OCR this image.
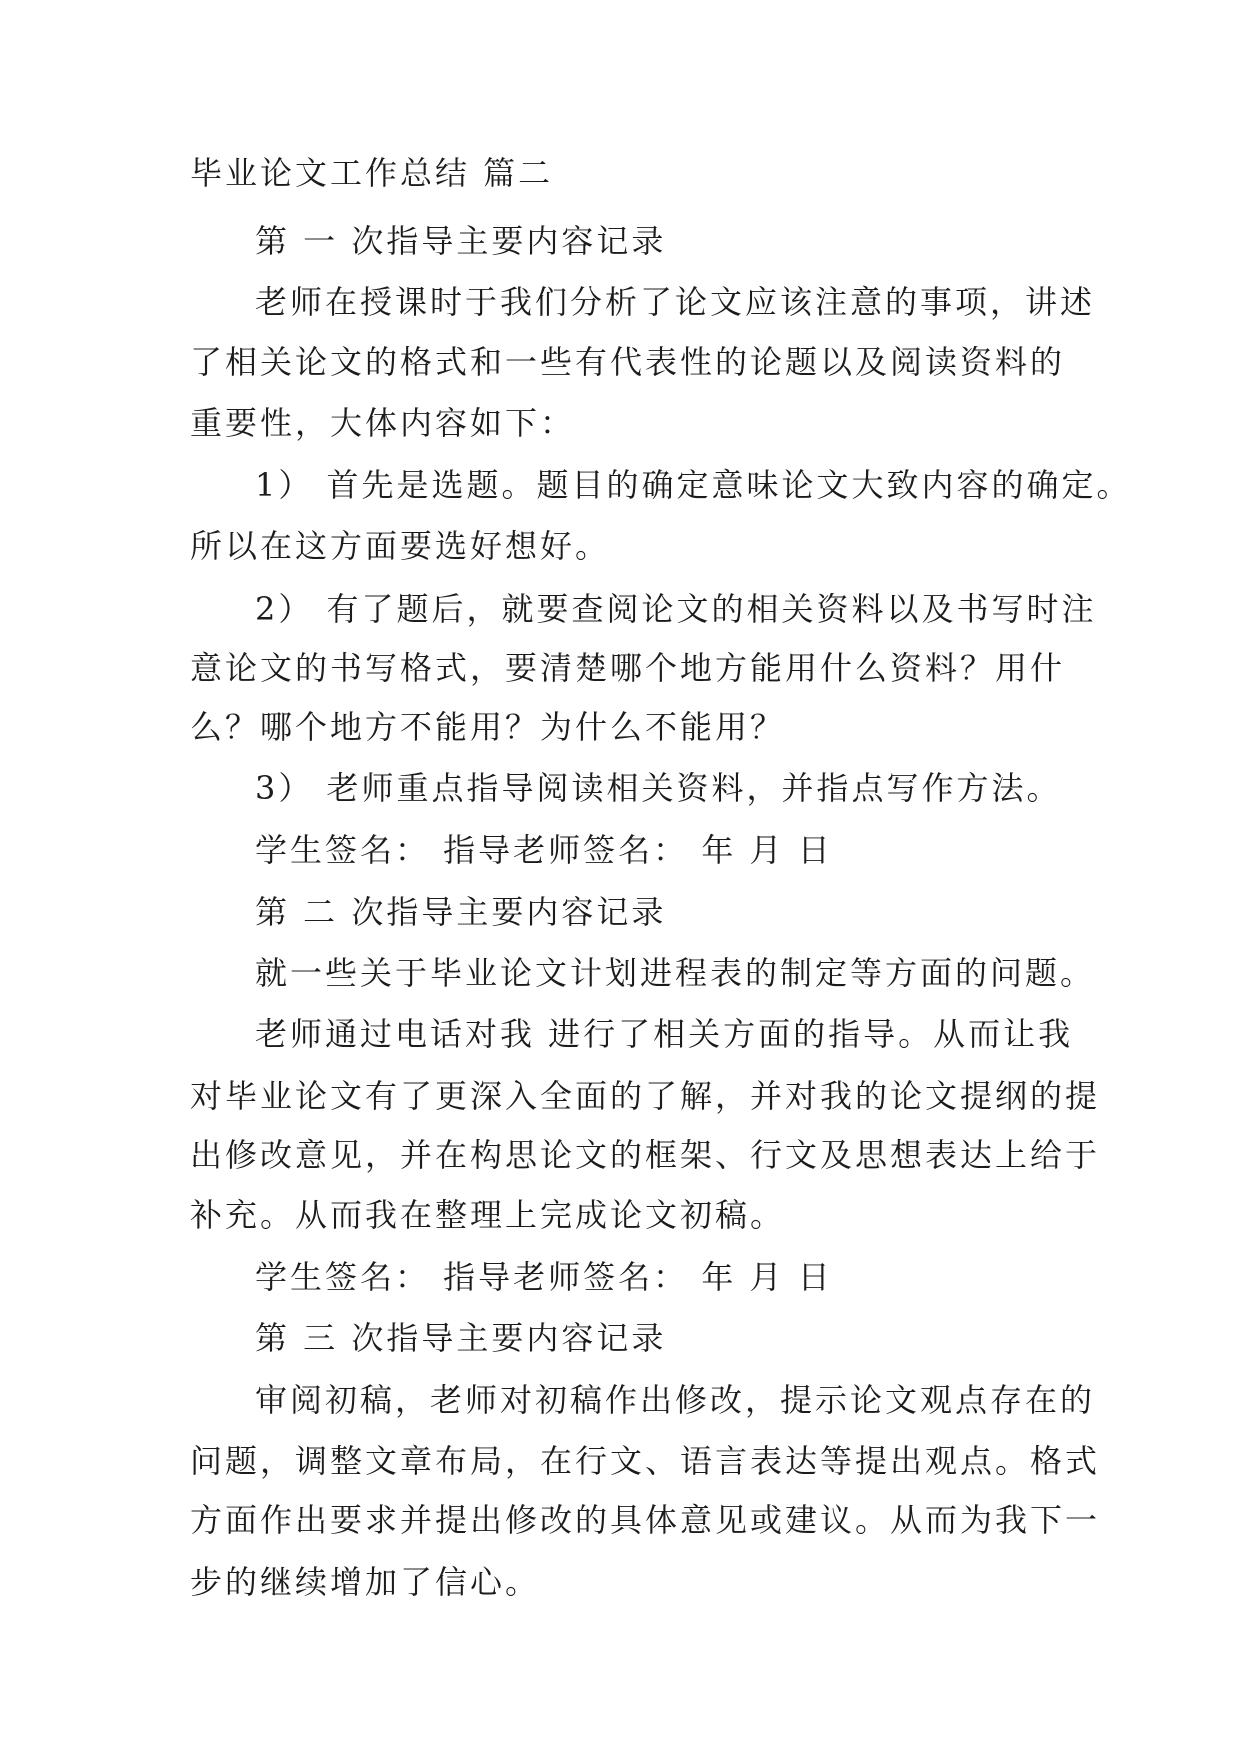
毕业论文工作总结 篇二
第 一 次指导主要内容记录
老师在授课时于我们分析了论文应该注意的事项，讲述
了相关论文的格式和一些有代表性的论题以及阅读资料的
重要性，大体内容如下：
1） 首先是选题。题目的确定意味论文大致内容的确定。
所以在这方面要选好想好。
2） 有了题后，就要查阅论文的相关资料以及书写时注
意论文的书写格式，要清楚哪个地方能用什么资料？用什
么？哪个地方不能用？为什么不能用？
3） 老师重点指导阅读相关资料，并指点写作方法。
学生签名： 指导老师签名： 年 月 日
第 二 次指导主要内容记录
就一些关于毕业论文计划进程表的制定等方面的问题。
老师通过电话对我 进行了相关方面的指导。从而让我
对毕业论文有了更深入全面的了解，并对我的论文提纲的提
出修改意见，并在构思论文的框架、行文及思想表达上给于
补充。从而我在整理上完成论文初稿。
学生签名： 指导老师签名： 年 月 日
第 三 次指导主要内容记录
审阅初稿，老师对初稿作出修改，提示论文观点存在的
问题，调整文章布局，在行文、语言表达等提出观点。格式
方面作出要求并提出修改的具体意见或建议。从而为我下一
步的继续增加了信心。
